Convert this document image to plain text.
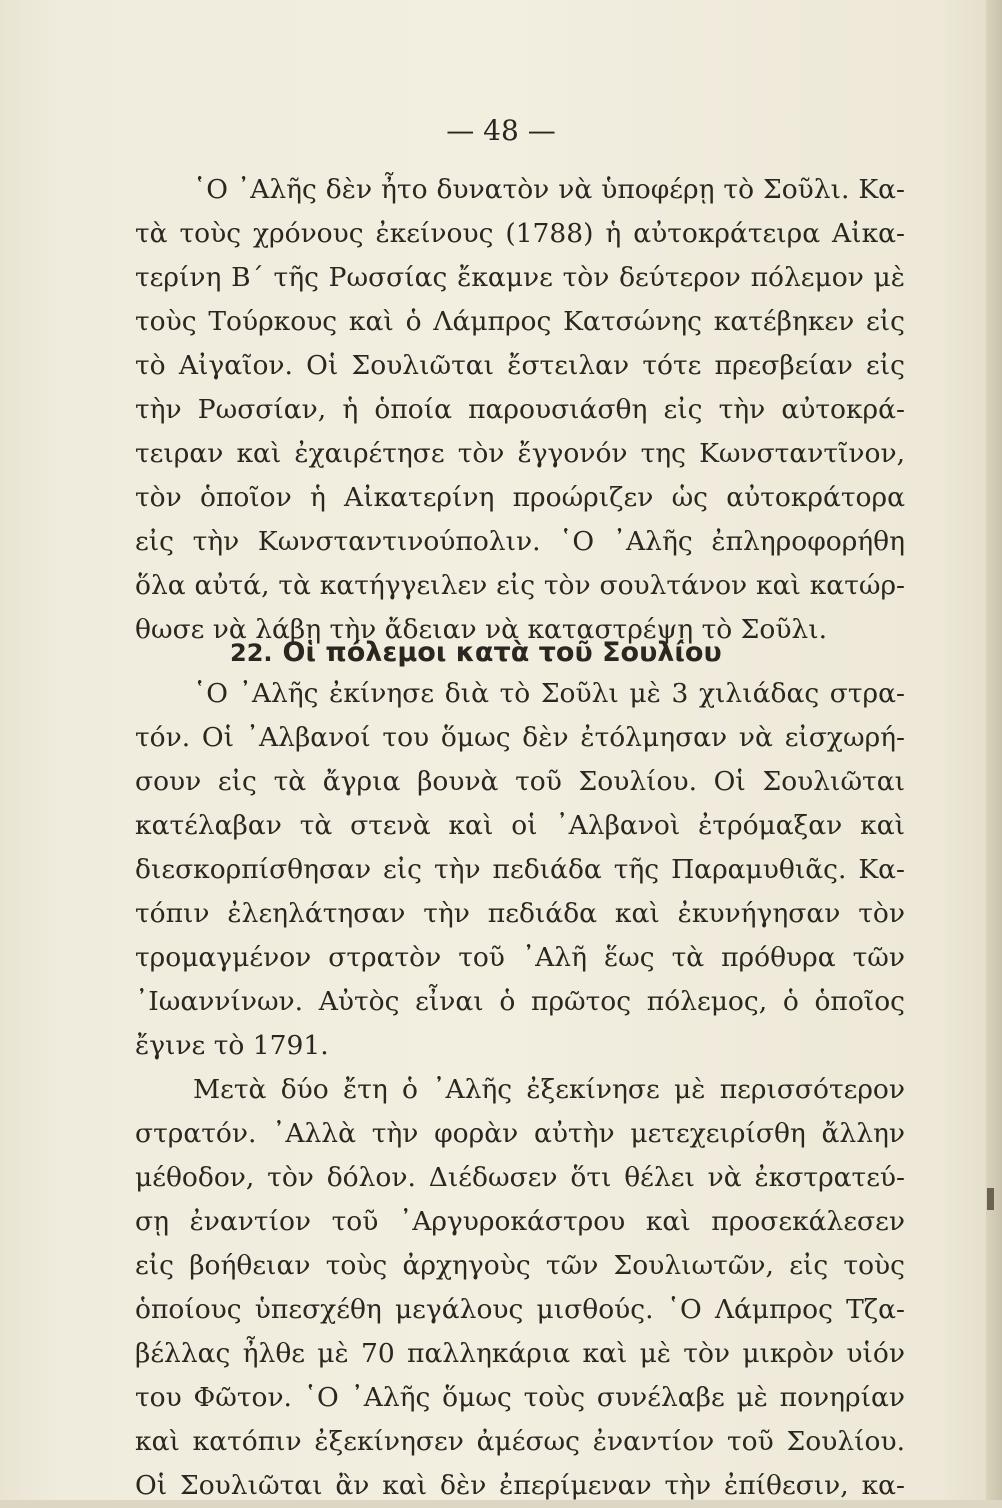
— 48 —
῾Ο ᾿Αλῆς δὲν ἦτο δυνατὸν νὰ ὑποφέρῃ τὸ Σοῦλι. Κα-
τὰ τοὺς χρόνους ἐκείνους (1788) ἡ αὐτοκράτειρα Αἰκα-
τερίνη Β΄ τῆς Ρωσσίας ἔκαμνε τὸν δεύτερον πόλεμον μὲ
τοὺς Τούρκους καὶ ὁ Λάμπρος Κατσώνης κατέβηκεν εἰς
τὸ Αἰγαῖον. Οἱ Σουλιῶται ἔστειλαν τότε πρεσβείαν εἰς
τὴν Ρωσσίαν, ἡ ὁποία παρουσιάσθη εἰς τὴν αὐτοκρά-
τειραν καὶ ἐχαιρέτησε τὸν ἔγγονόν της Κωνσταντῖνον,
τὸν ὁποῖον ἡ Αἰκατερίνη προώριζεν ὡς αὐτοκράτορα
εἰς τὴν Κωνσταντινούπολιν. ῾Ο ᾿Αλῆς ἐπληροφορήθη
ὅλα αὐτά, τὰ κατήγγειλεν εἰς τὸν σουλτάνον καὶ κατώρ-
θωσε νὰ λάβῃ τὴν ἄδειαν νὰ καταστρέψῃ τὸ Σοῦλι.
22. Οἱ πόλεμοι κατὰ τοῦ Σουλίου
῾Ο ᾿Αλῆς ἐκίνησε διὰ τὸ Σοῦλι μὲ 3 χιλιάδας στρα-
τόν. Οἱ ᾿Αλβανοί του ὅμως δὲν ἐτόλμησαν νὰ εἰσχωρή-
σουν εἰς τὰ ἄγρια βουνὰ τοῦ Σουλίου. Οἱ Σουλιῶται
κατέλαβαν τὰ στενὰ καὶ οἱ ᾿Αλβανοὶ ἐτρόμαξαν καὶ
διεσκορπίσθησαν εἰς τὴν πεδιάδα τῆς Παραμυθιᾶς. Κα-
τόπιν ἐλεηλάτησαν τὴν πεδιάδα καὶ ἐκυνήγησαν τὸν
τρομαγμένον στρατὸν τοῦ ᾿Αλῆ ἕως τὰ πρόθυρα τῶν
᾿Ιωαννίνων. Αὐτὸς εἶναι ὁ πρῶτος πόλεμος, ὁ ὁποῖος
ἔγινε τὸ 1791.
Μετὰ δύο ἔτη ὁ ᾿Αλῆς ἐξεκίνησε μὲ περισσότερον
στρατόν. ᾿Αλλὰ τὴν φορὰν αὐτὴν μετεχειρίσθη ἄλλην
μέθοδον, τὸν δόλον. Διέδωσεν ὅτι θέλει νὰ ἐκστρατεύ-
σῃ ἐναντίον τοῦ ᾿Αργυροκάστρου καὶ προσεκάλεσεν
εἰς βοήθειαν τοὺς ἀρχηγοὺς τῶν Σουλιωτῶν, εἰς τοὺς
ὁποίους ὑπεσχέθη μεγάλους μισθούς. ῾Ο Λάμπρος Τζα-
βέλλας ἦλθε μὲ 70 παλληκάρια καὶ μὲ τὸν μικρὸν υἱόν
του Φῶτον. ῾Ο ᾿Αλῆς ὅμως τοὺς συνέλαβε μὲ πονηρίαν
καὶ κατόπιν ἐξεκίνησεν ἀμέσως ἐναντίον τοῦ Σουλίου.
Οἱ Σουλιῶται ἂν καὶ δὲν ἐπερίμεναν τὴν ἐπίθεσιν, κα-
